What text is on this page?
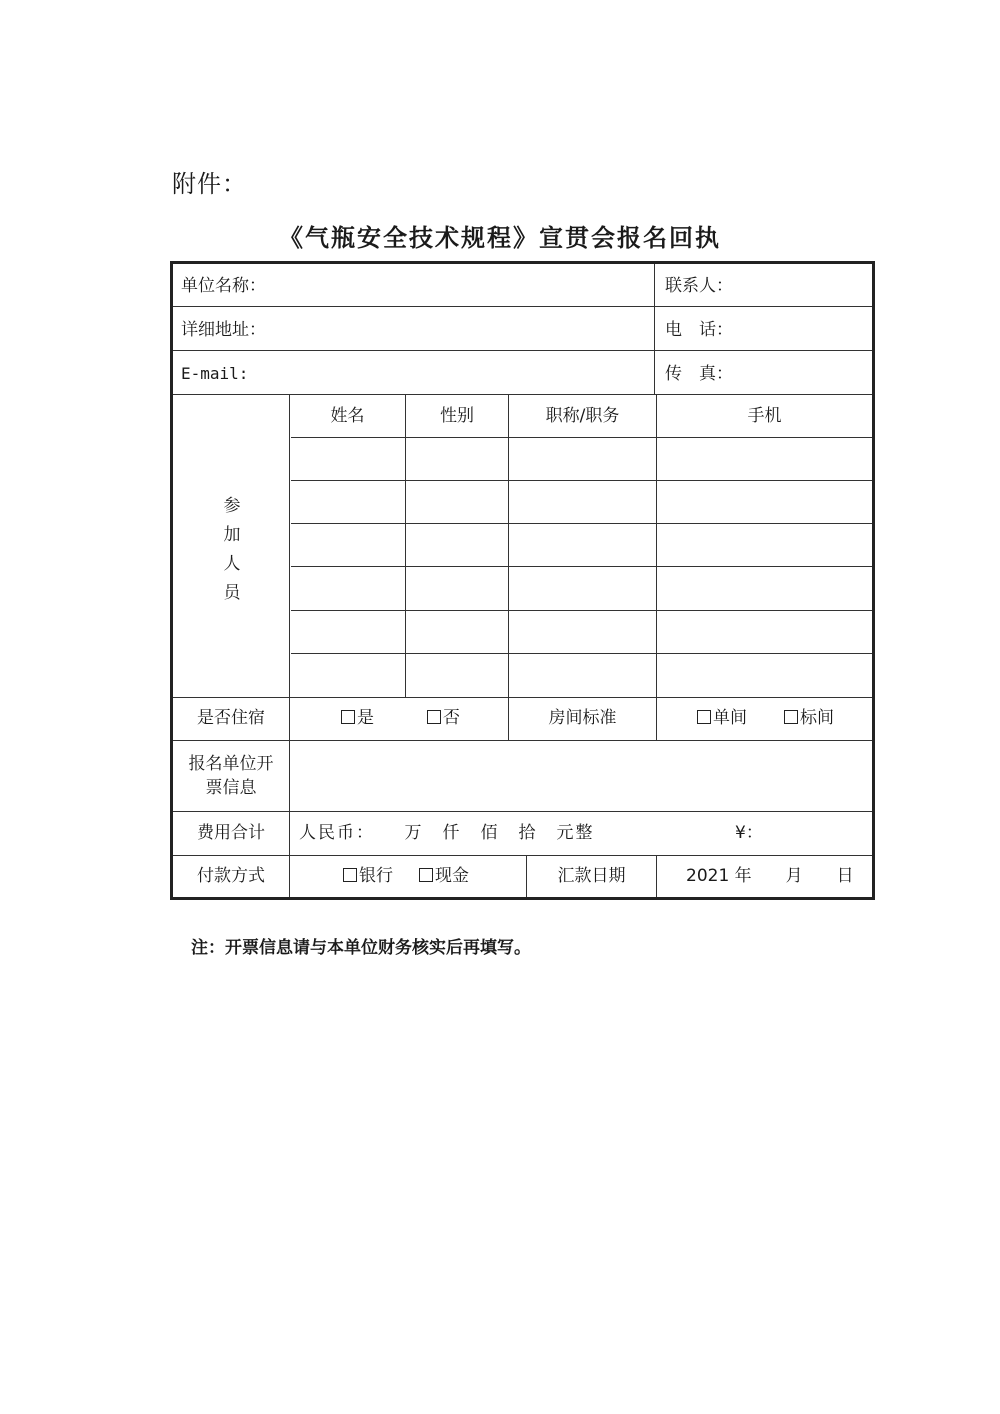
附件：
《气瓶安全技术规程》宣贯会报名回执
单位名称：	联系人：
详细地址：	电　话：
E-mail:	传　真：
姓名	性别	职称/职务	手机
参
加
人
员
是否住宿	是	否	房间标准	单间	标间
报名单位开票信息
费用合计	人民币：　　万　仟　佰　拾　元整	¥：
付款方式	银行	现金	汇款日期	2021 年　　月　　日
注：开票信息请与本单位财务核实后再填写。
